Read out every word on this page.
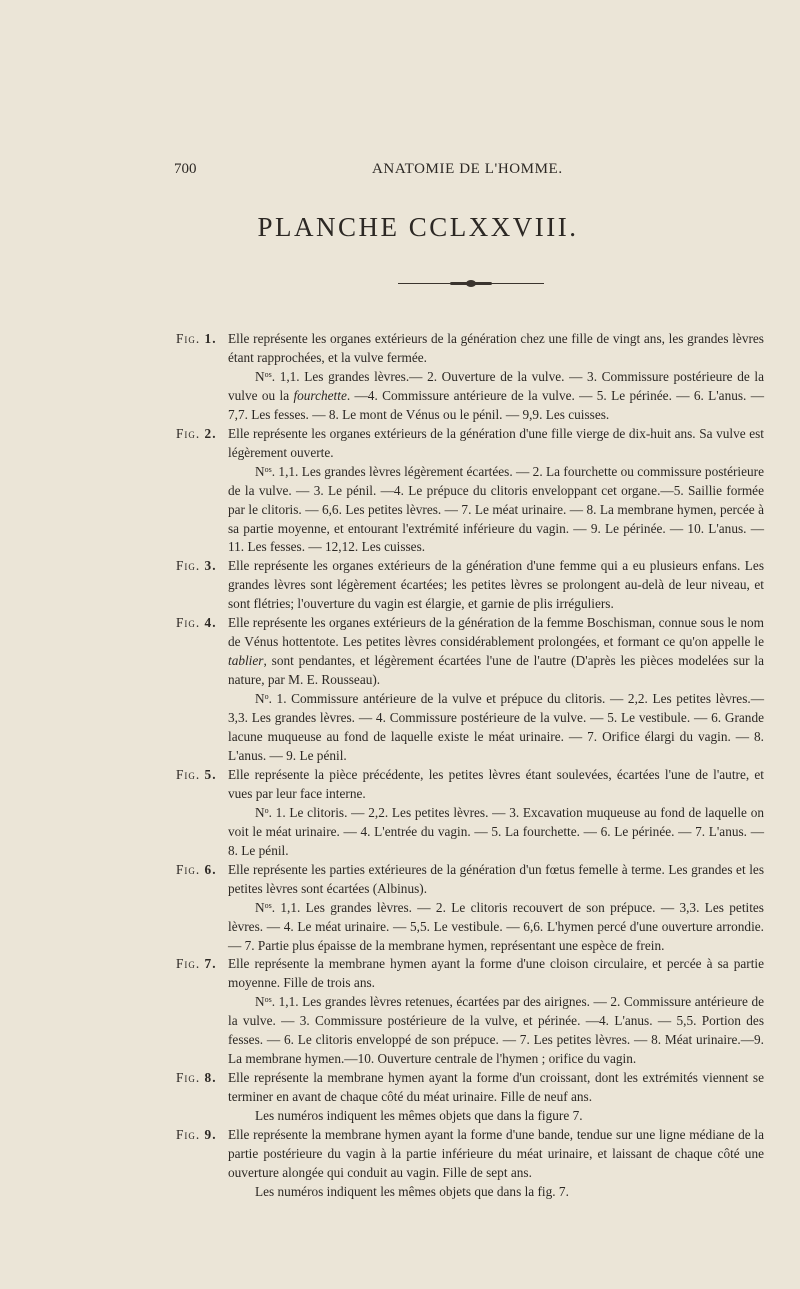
700	ANATOMIE DE L'HOMME.
PLANCHE CCLXXVIII.

Fig. 1. Elle représente les organes extérieurs de la génération chez une fille de vingt ans, les grandes lèvres étant rapprochées, et la vulve fermée.

$N^{os}$. 1,1. Les grandes lèvres.— 2. Ouverture de la vulve. — 3. Commissure postérieure de la vulve ou la fourchette. —4. Commissure antérieure de la vulve. — 5. Le périnée. — 6. L'anus. — 7,7. Les fesses. — 8. Le mont de Vénus ou le pénil. — 9,9. Les cuisses.

Fig. 2. Elle représente les organes extérieurs de la génération d'une fille vierge de dix-huit ans. Sa vulve est légèrement ouverte.

$N^{os}$. 1,1. Les grandes lèvres légèrement écartées. — 2. La fourchette ou commissure postérieure de la vulve. — 3. Le pénil. —4. Le prépuce du clitoris enveloppant cet organe.—5. Saillie formée par le clitoris. — 6,6. Les petites lèvres. — 7. Le méat urinaire. — 8. La membrane hymen, percée à sa partie moyenne, et entourant l'extrémité inférieure du vagin. — 9. Le périnée. — 10. L'anus. — 11. Les fesses. — 12,12. Les cuisses.

Fig. 3. Elle représente les organes extérieurs de la génération d'une femme qui a eu plusieurs enfans. Les grandes lèvres sont légèrement écartées; les petites lèvres se prolongent au-delà de leur niveau, et sont flétries; l'ouverture du vagin est élargie, et garnie de plis irréguliers.

Fig. 4. Elle représente les organes extérieurs de la génération de la femme Boschisman, connue sous le nom de Vénus hottentote. Les petites lèvres considérablement prolongées, et formant ce qu'on appelle le tablier, sont pendantes, et légèrement écartées l'une de l'autre (D'après les pièces modelées sur la nature, par M. E. Rousseau).

$N^o$. 1. Commissure antérieure de la vulve et prépuce du clitoris. — 2,2. Les petites lèvres.— 3,3. Les grandes lèvres. — 4. Commissure postérieure de la vulve. — 5. Le vestibule. — 6. Grande lacune muqueuse au fond de laquelle existe le méat urinaire. — 7. Orifice élargi du vagin. — 8. L'anus. — 9. Le pénil.

Fig. 5. Elle représente la pièce précédente, les petites lèvres étant soulevées, écartées l'une de l'autre, et vues par leur face interne.

$N^o$. 1. Le clitoris. — 2,2. Les petites lèvres. — 3. Excavation muqueuse au fond de laquelle on voit le méat urinaire. — 4. L'entrée du vagin. — 5. La fourchette. — 6. Le périnée. — 7. L'anus. — 8. Le pénil.

Fig. 6. Elle représente les parties extérieures de la génération d'un fœtus femelle à terme. Les grandes et les petites lèvres sont écartées (Albinus).

$N^{os}$. 1,1. Les grandes lèvres. — 2. Le clitoris recouvert de son prépuce. — 3,3. Les petites lèvres. — 4. Le méat urinaire. — 5,5. Le vestibule. — 6,6. L'hymen percé d'une ouverture arrondie. — 7. Partie plus épaisse de la membrane hymen, représentant une espèce de frein.

Fig. 7. Elle représente la membrane hymen ayant la forme d'une cloison circulaire, et percée à sa partie moyenne. Fille de trois ans.

$N^{os}$. 1,1. Les grandes lèvres retenues, écartées par des airignes. — 2. Commissure antérieure de la vulve. — 3. Commissure postérieure de la vulve, et périnée. —4. L'anus. — 5,5. Portion des fesses. — 6. Le clitoris enveloppé de son prépuce. — 7. Les petites lèvres. — 8. Méat urinaire.—9. La membrane hymen.—10. Ouverture centrale de l'hymen ; orifice du vagin.

Fig. 8. Elle représente la membrane hymen ayant la forme d'un croissant, dont les extrémités viennent se terminer en avant de chaque côté du méat urinaire. Fille de neuf ans.

Les numéros indiquent les mêmes objets que dans la figure 7.

Fig. 9. Elle représente la membrane hymen ayant la forme d'une bande, tendue sur une ligne médiane de la partie postérieure du vagin à la partie inférieure du méat urinaire, et laissant de chaque côté une ouverture alongée qui conduit au vagin. Fille de sept ans.

Les numéros indiquent les mêmes objets que dans la fig. 7.
